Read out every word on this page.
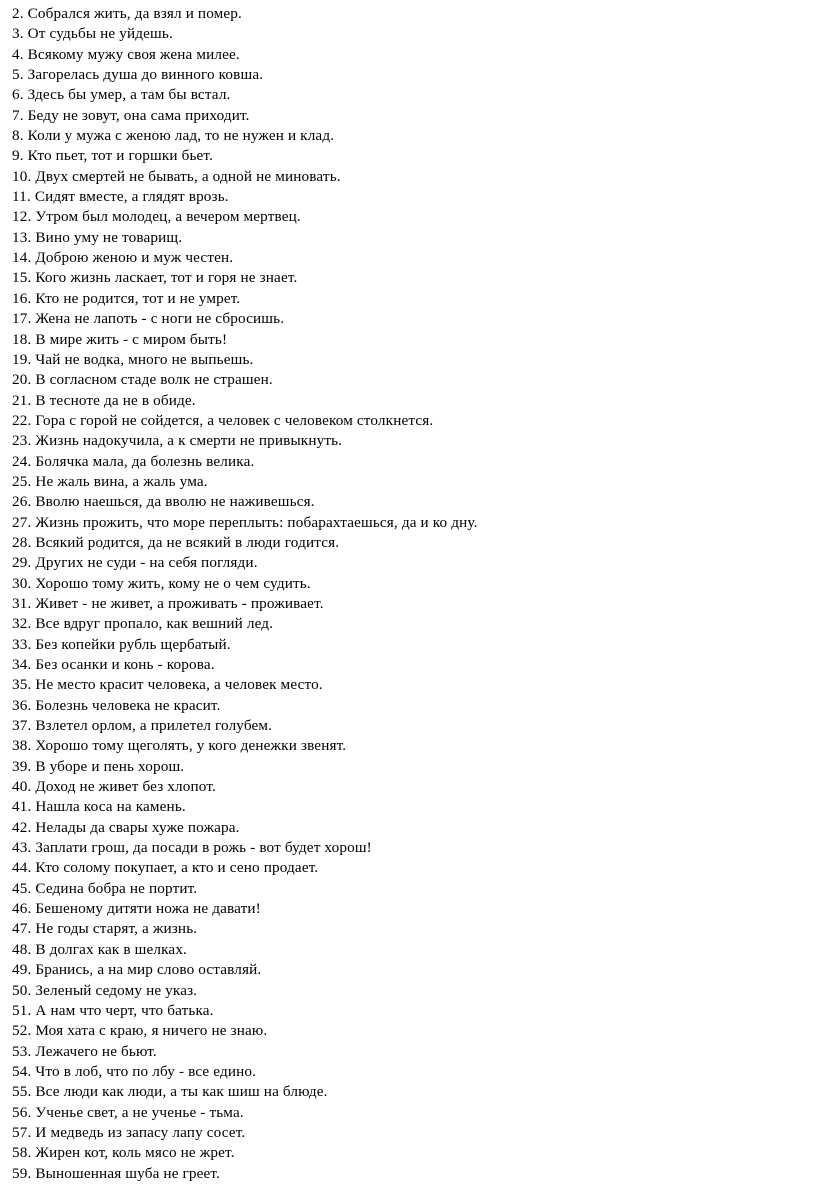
2. Собрался жить, да взял и помер.
3. От судьбы не уйдешь.
4. Всякому мужу своя жена милее.
5. Загорелась душа до винного ковша.
6. Здесь бы умер, а там бы встал.
7. Беду не зовут, она сама приходит.
8. Коли у мужа с женою лад, то не нужен и клад.
9. Кто пьет, тот и горшки бьет.
10. Двух смертей не бывать, а одной не миновать.
11. Сидят вместе, а глядят врозь.
12. Утром был молодец, а вечером мертвец.
13. Вино уму не товарищ.
14. Доброю женою и муж честен.
15. Кого жизнь ласкает, тот и горя не знает.
16. Кто не родится, тот и не умрет.
17. Жена не лапоть - с ноги не сбросишь.
18. В мире жить - с миром быть!
19. Чай не водка, много не выпьешь.
20. В согласном стаде волк не страшен.
21. В тесноте да не в обиде.
22. Гора с горой не сойдется, а человек с человеком столкнется.
23. Жизнь надокучила, а к смерти не привыкнуть.
24. Болячка мала, да болезнь велика.
25. Не жаль вина, а жаль ума.
26. Вволю наешься, да вволю не наживешься.
27. Жизнь прожить, что море переплыть: побарахтаешься, да и ко дну.
28. Всякий родится, да не всякий в люди годится.
29. Других не суди - на себя погляди.
30. Хорошо тому жить, кому не о чем судить.
31. Живет - не живет, а проживать - проживает.
32. Все вдруг пропало, как вешний лед.
33. Без копейки рубль щербатый.
34. Без осанки и конь - корова.
35. Не место красит человека, а человек место.
36. Болезнь человека не красит.
37. Взлетел орлом, а прилетел голубем.
38. Хорошо тому щеголять, у кого денежки звенят.
39. В уборе и пень хорош.
40. Доход не живет без хлопот.
41. Нашла коса на камень.
42. Нелады да свары хуже пожара.
43. Заплати грош, да посади в рожь - вот будет хорош!
44. Кто солому покупает, а кто и сено продает.
45. Седина бобра не портит.
46. Бешеному дитяти ножа не давати!
47. Не годы старят, а жизнь.
48. В долгах как в шелках.
49. Бранись, а на мир слово оставляй.
50. Зеленый седому не указ.
51. А нам что черт, что батька.
52. Моя хата с краю, я ничего не знаю.
53. Лежачего не бьют.
54. Что в лоб, что по лбу - все едино.
55. Все люди как люди, а ты как шиш на блюде.
56. Ученье свет, а не ученье - тьма.
57. И медведь из запасу лапу сосет.
58. Жирен кот, коль мясо не жрет.
59. Выношенная шуба не греет.
